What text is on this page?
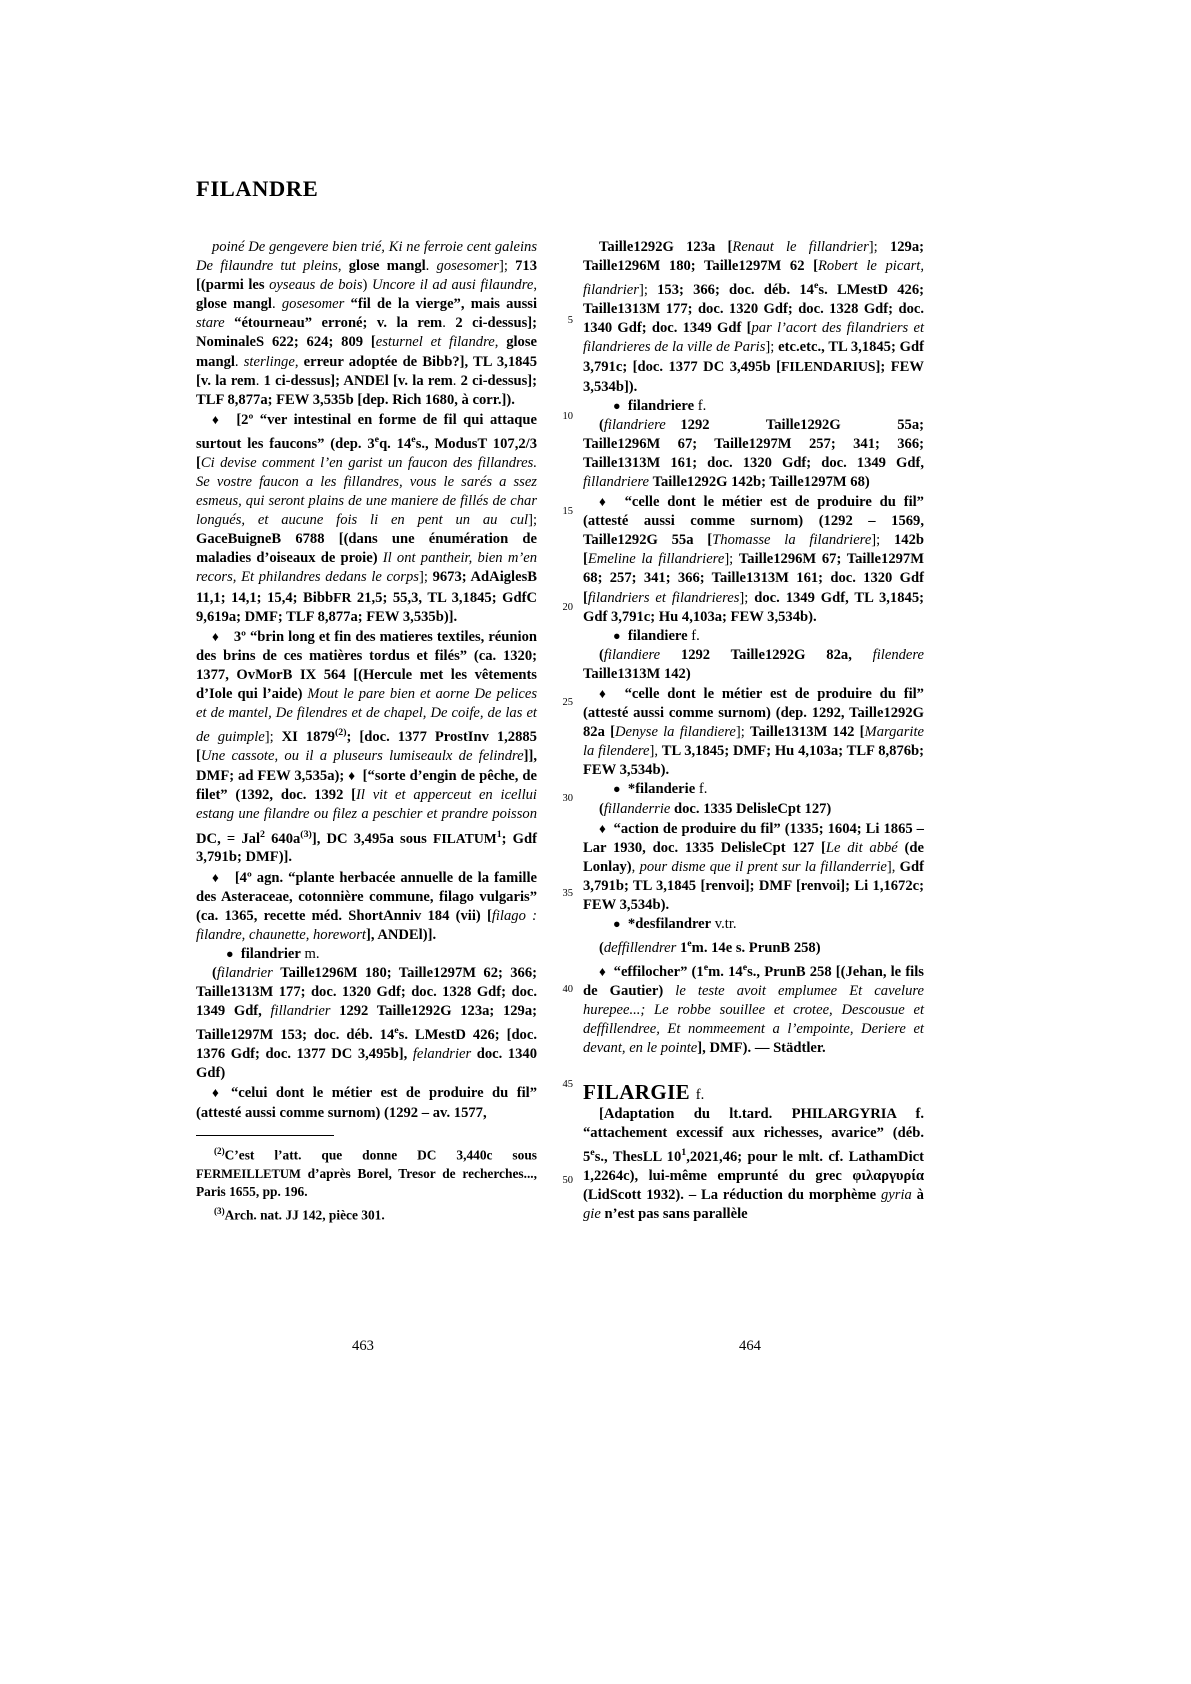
FILANDRE

poiné De gengevere bien trié, Ki ne ferroie cent galeins De filaundre tut pleins, glose mangl. gosesomer]; 713 [(parmi les oyseaus de bois) Uncore il ad ausi filaundre, glose mangl. gosesomer “fil de la vierge”, mais aussi stare “étourneau” erroné; v. la rem. 2 ci-dessus]; NominaleS 622; 624; 809 [esturnel et filandre, glose mangl. sterlinge, erreur adoptée de Bibb?], TL 3,1845 [v. la rem. 1 ci-dessus]; ANDEl [v. la rem. 2 ci-dessus]; TLF 8,877a; FEW 3,535b [dep. Rich 1680, à corr.]).

♦  [2º “ver intestinal en forme de fil qui attaque surtout les faucons” (dep. 3eq. 14es., ModusT 107,2/3 [Ci devise comment l’en garist un faucon des fillandres. Se vostre faucon a les fillandres, vous le sarés a ssez esmeus, qui seront plains de une maniere de fillés de char longués, et aucune fois li en pent un au cul]; GaceBuigneB 6788 [(dans une énumération de maladies d’oiseaux de proie) Il ont pantheir, bien m’en recors, Et philandres dedans le corps]; 9673; AdAiglesB 11,1; 14,1; 15,4; BibbFR 21,5; 55,3, TL 3,1845; GdfC 9,619a; DMF; TLF 8,877a; FEW 3,535b)].

♦  3º “brin long et fin des matieres textiles, réunion des brins de ces matières tordus et filés” (ca. 1320; 1377, OvMorB IX 564 [(Hercule met les vêtements d’Iole qui l’aide) Mout le pare bien et aorne De pelices et de mantel, De filendres et de chapel, De coife, de las et de guimple]; XI 1879$^{(2)}$; [doc. 1377 ProstInv 1,2885 [Une cassote, ou il a pluseurs lumiseaulx de felindre]], DMF; ad FEW 3,535a); ♦  [“sorte d’engin de pêche, de filet” (1392, doc. 1392 [Il vit et apperceut en icellui estang une filandre ou filez a peschier et prandre poisson DC, = Jal$^2$ $640a^{(3)}$], DC 3,495a sous FILATUM$^1$; Gdf 3,791b; DMF)].

♦  [4º agn. “plante herbacée annuelle de la famille des Asteraceae, cotonnière commune, filago vulgaris” (ca. 1365, recette méd. ShortAnniv 184 (vii) [filago : filandre, chaunette, horewort], ANDEl)].

●  filandrier m.

(filandrier Taille1296M 180; Taille1297M 62; 366; Taille1313M 177; doc. 1320 Gdf; doc. 1328 Gdf; doc. 1349 Gdf, fillandrier 1292 Taille1292G 123a; 129a; Taille1297M 153; doc. déb. 14es. LMestD 426; [doc. 1376 Gdf; doc. 1377 DC 3,495b], felandrier doc. 1340 Gdf)

♦  “celui dont le métier est de produire du fil” (attesté aussi comme surnom) (1292 – av. 1577,

$^{(2)}$C’est l’att. que donne DC 3,440c sous FERMEILLETUM d’après Borel, Tresor de recherches..., Paris 1655, pp. 196.

$^{(3)}$Arch. nat. JJ 142, pièce 301.

Taille1292G 123a [Renaut le fillandrier]; 129a; Taille1296M 180; Taille1297M 62 [Robert le picart, filandrier]; 153; 366; doc. déb. 14es. LMestD 426; Taille1313M 177; doc. 1320 Gdf; doc. 1328 Gdf; doc. 1340 Gdf; doc. 1349 Gdf [par l’acort des filandriers et filandrieres de la ville de Paris]; etc.etc., TL 3,1845; Gdf 3,791c; [doc. 1377 DC 3,495b [FILENDARIUS]; FEW 3,534b]).

●  filandriere f.

(filandriere  1292  Taille1292G  55a; Taille1296M 67; Taille1297M 257; 341; 366; Taille1313M 161; doc. 1320 Gdf; doc. 1349 Gdf, fillandriere Taille1292G 142b; Taille1297M 68)

♦  “celle dont le métier est de produire du fil” (attesté aussi comme surnom) (1292 – 1569, Taille1292G 55a [Thomasse la filandriere]; 142b [Emeline la fillandriere]; Taille1296M 67; Taille1297M 68; 257; 341; 366; Taille1313M 161; doc. 1320 Gdf [filandriers et filandrieres]; doc. 1349 Gdf, TL 3,1845; Gdf 3,791c; Hu 4,103a; FEW 3,534b).

●  filandiere f.

(filandiere 1292 Taille1292G 82a, filendere Taille1313M 142)

♦  “celle dont le métier est de produire du fil” (attesté aussi comme surnom) (dep. 1292, Taille1292G 82a [Denyse la filandiere]; Taille1313M 142 [Margarite la filendere], TL 3,1845; DMF; Hu 4,103a; TLF 8,876b; FEW 3,534b).

●  *filanderie f.

(fillanderrie doc. 1335 DelisleCpt 127)

♦  “action de produire du fil” (1335; 1604; Li 1865 – Lar 1930, doc. 1335 DelisleCpt 127 [Le dit abbé (de Lonlay), pour disme que il prent sur la fillanderrie], Gdf 3,791b; TL 3,1845 [renvoi]; DMF [renvoi]; Li 1,1672c; FEW 3,534b).

●  *desfilandrer v.tr.

(deffillendrer 1em. 14e s. PrunB 258)

♦  “effilocher” (1em. 14es., PrunB 258 [(Jehan, le fils de Gautier) le teste avoit emplumee Et cavelure hurepee...; Le robbe souillee et crotee, Descousue et deffillendree, Et nommeement a l’empointe, Deriere et devant, en le pointe], DMF). — Städtler.

FILARGIE f.

[Adaptation du lt.tard. PHILARGYRIA f. “attachement excessif aux richesses, avarice” (déb. 5es., ThesLL $10^1,2021,46$; pour le mlt. cf. LathamDict 1,2264c), lui-même emprunté du grec φιλαργυρία (LidScott 1932). – La réduction du morphème gyria à gie n’est pas sans parallèle

5
10
15
20
25
30
35
40
45
50
463	464
